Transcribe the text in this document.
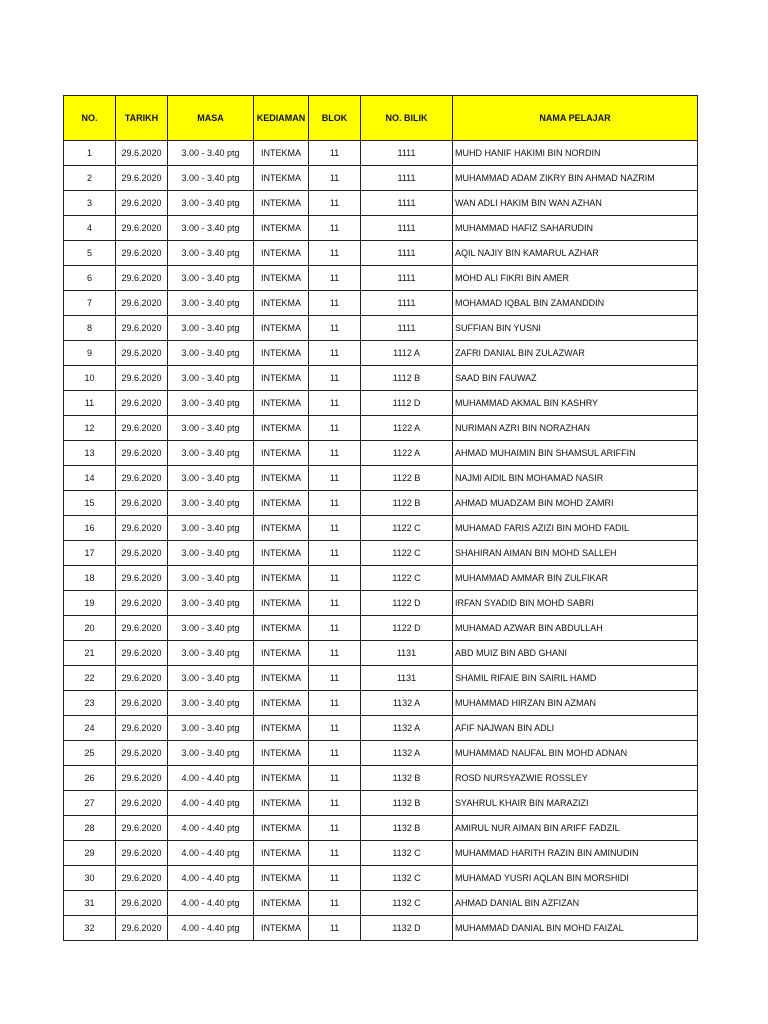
NO.	TARIKH	MASA	KEDIAMAN	BLOK	NO. BILIK	NAMA PELAJAR
1	29.6.2020	3.00 - 3.40 ptg	INTEKMA	11	1111	MUHD HANIF HAKIMI BIN NORDIN
2	29.6.2020	3.00 - 3.40 ptg	INTEKMA	11	1111	MUHAMMAD ADAM ZIKRY BIN AHMAD NAZRIM
3	29.6.2020	3.00 - 3.40 ptg	INTEKMA	11	1111	WAN ADLI HAKIM BIN WAN AZHAN
4	29.6.2020	3.00 - 3.40 ptg	INTEKMA	11	1111	MUHAMMAD HAFIZ SAHARUDIN
5	29.6.2020	3.00 - 3.40 ptg	INTEKMA	11	1111	AQIL NAJIY BIN KAMARUL AZHAR
6	29.6.2020	3.00 - 3.40 ptg	INTEKMA	11	1111	MOHD ALI FIKRI BIN AMER
7	29.6.2020	3.00 - 3.40 ptg	INTEKMA	11	1111	MOHAMAD IQBAL BIN ZAMANDDIN
8	29.6.2020	3.00 - 3.40 ptg	INTEKMA	11	1111	SUFFIAN BIN YUSNI
9	29.6.2020	3.00 - 3.40 ptg	INTEKMA	11	1112 A	ZAFRI DANIAL BIN ZULAZWAR
10	29.6.2020	3.00 - 3.40 ptg	INTEKMA	11	1112 B	SAAD BIN FAUWAZ
11	29.6.2020	3.00 - 3.40 ptg	INTEKMA	11	1112 D	MUHAMMAD AKMAL BIN KASHRY
12	29.6.2020	3.00 - 3.40 ptg	INTEKMA	11	1122 A	NURIMAN AZRI BIN NORAZHAN
13	29.6.2020	3.00 - 3.40 ptg	INTEKMA	11	1122 A	AHMAD MUHAIMIN BIN SHAMSUL ARIFFIN
14	29.6.2020	3.00 - 3.40 ptg	INTEKMA	11	1122 B	NAJMI AIDIL BIN MOHAMAD NASIR
15	29.6.2020	3.00 - 3.40 ptg	INTEKMA	11	1122 B	AHMAD MUADZAM BIN MOHD ZAMRI
16	29.6.2020	3.00 - 3.40 ptg	INTEKMA	11	1122 C	MUHAMAD FARIS AZIZI BIN MOHD FADIL
17	29.6.2020	3.00 - 3.40 ptg	INTEKMA	11	1122 C	SHAHIRAN AIMAN BIN MOHD SALLEH
18	29.6.2020	3.00 - 3.40 ptg	INTEKMA	11	1122 C	MUHAMMAD AMMAR BIN ZULFIKAR
19	29.6.2020	3.00 - 3.40 ptg	INTEKMA	11	1122 D	IRFAN SYADID BIN MOHD SABRI
20	29.6.2020	3.00 - 3.40 ptg	INTEKMA	11	1122 D	MUHAMAD AZWAR BIN ABDULLAH
21	29.6.2020	3.00 - 3.40 ptg	INTEKMA	11	1131	ABD MUIZ BIN ABD GHANI
22	29.6.2020	3.00 - 3.40 ptg	INTEKMA	11	1131	SHAMIL RIFAIE BIN SAIRIL HAMD
23	29.6.2020	3.00 - 3.40 ptg	INTEKMA	11	1132 A	MUHAMMAD HIRZAN BIN AZMAN
24	29.6.2020	3.00 - 3.40 ptg	INTEKMA	11	1132 A	AFIF NAJWAN BIN ADLI
25	29.6.2020	3.00 - 3.40 ptg	INTEKMA	11	1132 A	MUHAMMAD NAUFAL BIN MOHD ADNAN
26	29.6.2020	4.00 - 4.40 ptg	INTEKMA	11	1132 B	ROSD NURSYAZWIE ROSSLEY
27	29.6.2020	4.00 - 4.40 ptg	INTEKMA	11	1132 B	SYAHRUL KHAIR BIN MARAZIZI
28	29.6.2020	4.00 - 4.40 ptg	INTEKMA	11	1132 B	AMIRUL NUR AIMAN BIN ARIFF FADZIL
29	29.6.2020	4.00 - 4.40 ptg	INTEKMA	11	1132 C	MUHAMMAD HARITH RAZIN BIN AMINUDIN
30	29.6.2020	4.00 - 4.40 ptg	INTEKMA	11	1132 C	MUHAMAD YUSRI AQLAN BIN MORSHIDI
31	29.6.2020	4.00 - 4.40 ptg	INTEKMA	11	1132 C	AHMAD DANIAL BIN AZFIZAN
32	29.6.2020	4.00 - 4.40 ptg	INTEKMA	11	1132 D	MUHAMMAD DANIAL BIN MOHD FAIZAL
